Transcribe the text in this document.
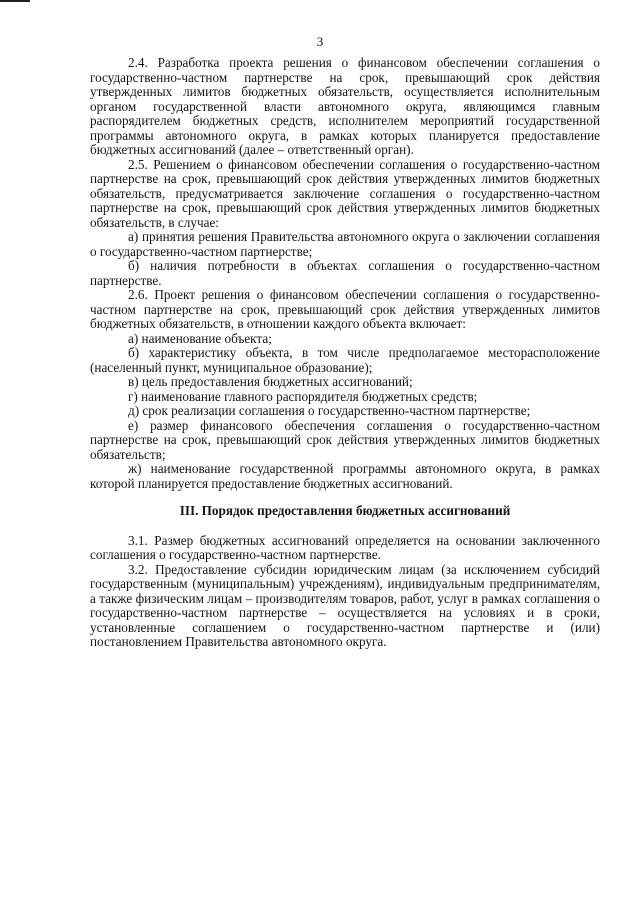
3

2.4. Разработка проекта решения о финансовом обеспечении соглашения о государственно-частном партнерстве на срок, превышающий срок действия утвержденных лимитов бюджетных обязательств, осуществляется исполнительным органом государственной власти автономного округа, являющимся главным распорядителем бюджетных средств, исполнителем мероприятий государственной программы автономного округа, в рамках которых планируется предоставление бюджетных ассигнований (далее – ответственный орган).

2.5. Решением о финансовом обеспечении соглашения о государственно-частном партнерстве на срок, превышающий срок действия утвержденных лимитов бюджетных обязательств, предусматривается заключение соглашения о государственно-частном партнерстве на срок, превышающий срок действия утвержденных лимитов бюджетных обязательств, в случае:

а) принятия решения Правительства автономного округа о заключении соглашения о государственно-частном партнерстве;

б) наличия потребности в объектах соглашения о государственно-частном партнерстве.

2.6. Проект решения о финансовом обеспечении соглашения о государственно-частном партнерстве на срок, превышающий срок действия утвержденных лимитов бюджетных обязательств, в отношении каждого объекта включает:

а) наименование объекта;

б) характеристику объекта, в том числе предполагаемое месторасположение (населенный пункт, муниципальное образование);

в) цель предоставления бюджетных ассигнований;

г) наименование главного распорядителя бюджетных средств;

д) срок реализации соглашения о государственно-частном партнерстве;

е) размер финансового обеспечения соглашения о государственно-частном партнерстве на срок, превышающий срок действия утвержденных лимитов бюджетных обязательств;

ж) наименование государственной программы автономного округа, в рамках которой планируется предоставление бюджетных ассигнований.

III. Порядок предоставления бюджетных ассигнований

3.1. Размер бюджетных ассигнований определяется на основании заключенного соглашения о государственно-частном партнерстве.

3.2. Предоставление субсидии юридическим лицам (за исключением субсидий государственным (муниципальным) учреждениям), индивидуальным предпринимателям, а также физическим лицам – производителям товаров, работ, услуг в рамках соглашения о государственно-частном партнерстве – осуществляется на условиях и в сроки, установленные соглашением о государственно-частном партнерстве и (или) постановлением Правительства автономного округа.
